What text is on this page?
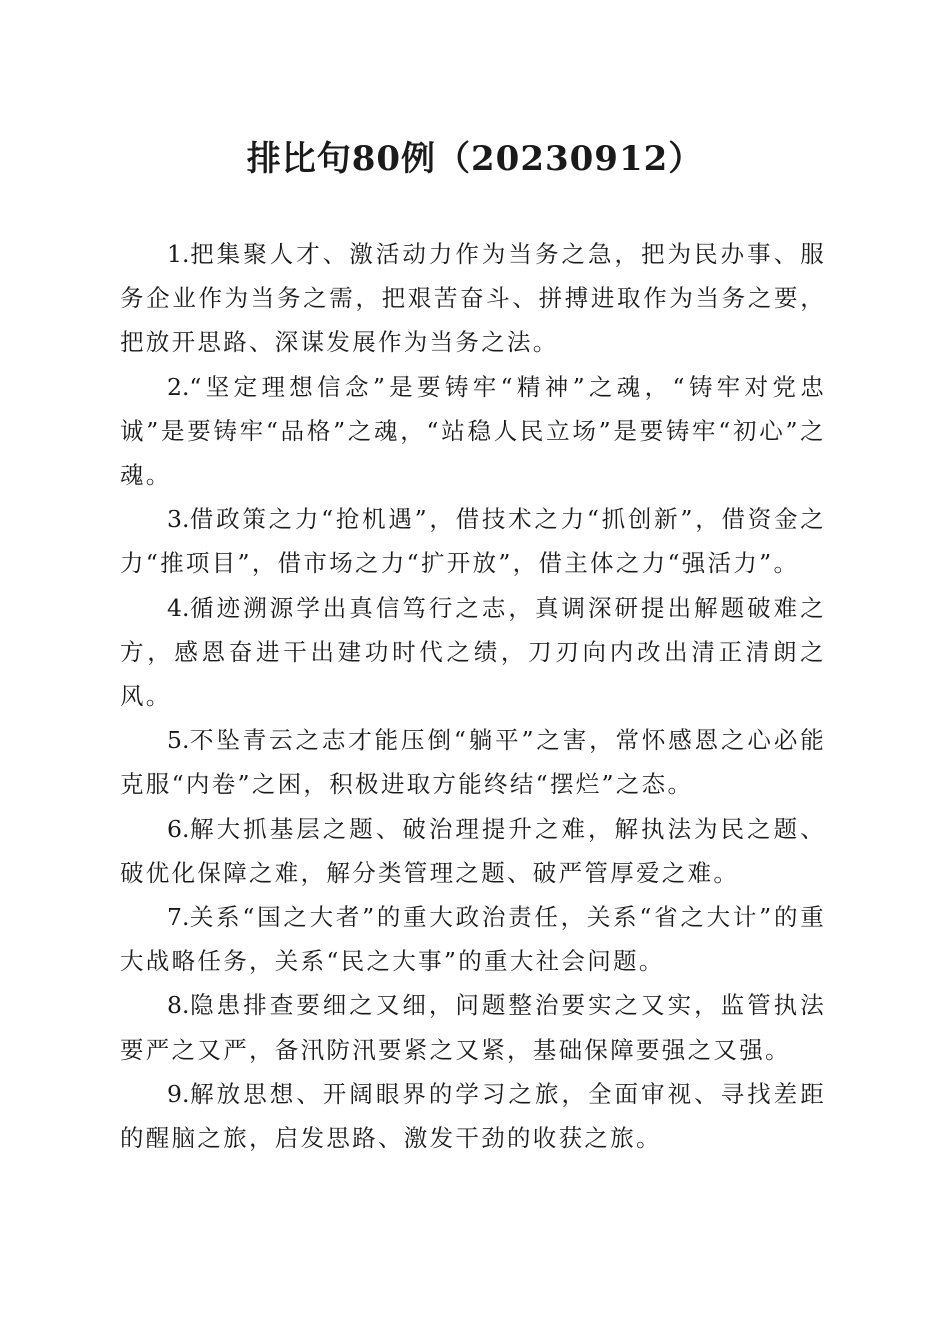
排比句80例（20230912）

1.把集聚人才、激活动力作为当务之急，把为民办事、服务企业作为当务之需，把艰苦奋斗、拼搏进取作为当务之要，把放开思路、深谋发展作为当务之法。

2.“坚定理想信念”是要铸牢“精神”之魂，“铸牢对党忠诚”是要铸牢“品格”之魂，“站稳人民立场”是要铸牢“初心”之魂。

3.借政策之力“抢机遇”，借技术之力“抓创新”，借资金之力“推项目”，借市场之力“扩开放”，借主体之力“强活力”。

4.循迹溯源学出真信笃行之志，真调深研提出解题破难之方，感恩奋进干出建功时代之绩，刀刃向内改出清正清朗之风。

5.不坠青云之志才能压倒“躺平”之害，常怀感恩之心必能克服“内卷”之困，积极进取方能终结“摆烂”之态。

6.解大抓基层之题、破治理提升之难，解执法为民之题、破优化保障之难，解分类管理之题、破严管厚爱之难。

7.关系“国之大者”的重大政治责任，关系“省之大计”的重大战略任务，关系“民之大事”的重大社会问题。

8.隐患排查要细之又细，问题整治要实之又实，监管执法要严之又严，备汛防汛要紧之又紧，基础保障要强之又强。

9.解放思想、开阔眼界的学习之旅，全面审视、寻找差距的醒脑之旅，启发思路、激发干劲的收获之旅。
